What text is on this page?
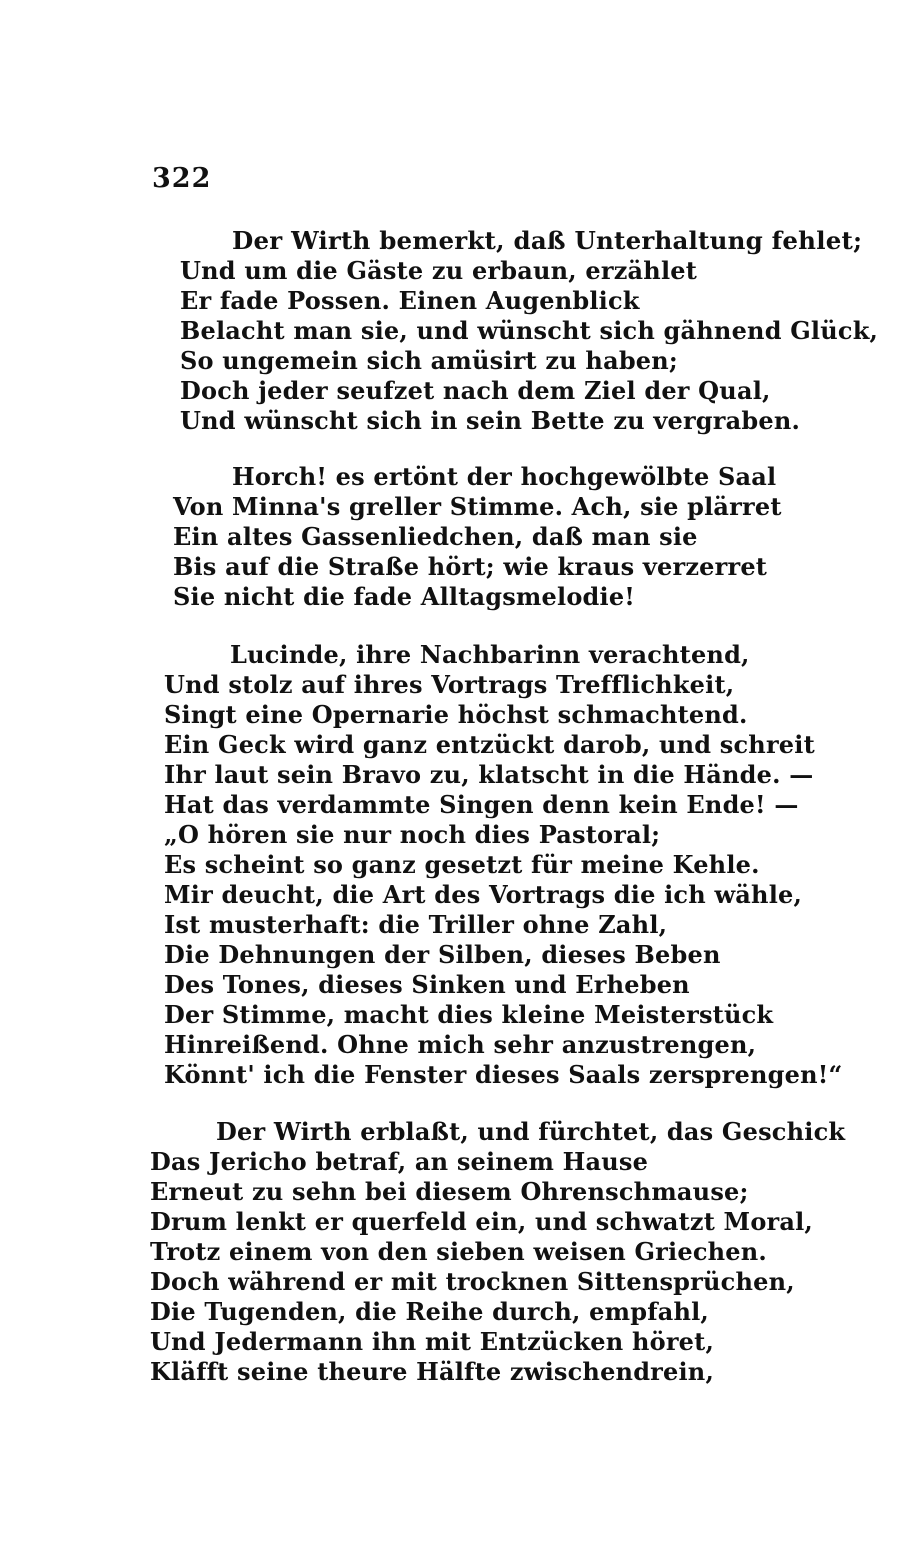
322
Der Wirth bemerkt, daß Unterhaltung fehlet;
Und um die Gäste zu erbaun, erzählet
Er fade Possen. Einen Augenblick
Belacht man sie, und wünscht sich gähnend Glück,
So ungemein sich amüsirt zu haben;
Doch jeder seufzet nach dem Ziel der Qual,
Und wünscht sich in sein Bette zu vergraben.
Horch! es ertönt der hochgewölbte Saal
Von Minna's greller Stimme. Ach, sie plärret
Ein altes Gassenliedchen, daß man sie
Bis auf die Straße hört; wie kraus verzerret
Sie nicht die fade Alltagsmelodie!
Lucinde, ihre Nachbarinn verachtend,
Und stolz auf ihres Vortrags Trefflichkeit,
Singt eine Opernarie höchst schmachtend.
Ein Geck wird ganz entzückt darob, und schreit
Ihr laut sein Bravo zu, klatscht in die Hände. —
Hat das verdammte Singen denn kein Ende! —
„O hören sie nur noch dies Pastoral;
Es scheint so ganz gesetzt für meine Kehle.
Mir deucht, die Art des Vortrags die ich wähle,
Ist musterhaft: die Triller ohne Zahl,
Die Dehnungen der Silben, dieses Beben
Des Tones, dieses Sinken und Erheben
Der Stimme, macht dies kleine Meisterstück
Hinreißend. Ohne mich sehr anzustrengen,
Könnt' ich die Fenster dieses Saals zersprengen!“
Der Wirth erblaßt, und fürchtet, das Geschick
Das Jericho betraf, an seinem Hause
Erneut zu sehn bei diesem Ohrenschmause;
Drum lenkt er querfeld ein, und schwatzt Moral,
Trotz einem von den sieben weisen Griechen.
Doch während er mit trocknen Sittensprüchen,
Die Tugenden, die Reihe durch, empfahl,
Und Jedermann ihn mit Entzücken höret,
Kläfft seine theure Hälfte zwischendrein,
